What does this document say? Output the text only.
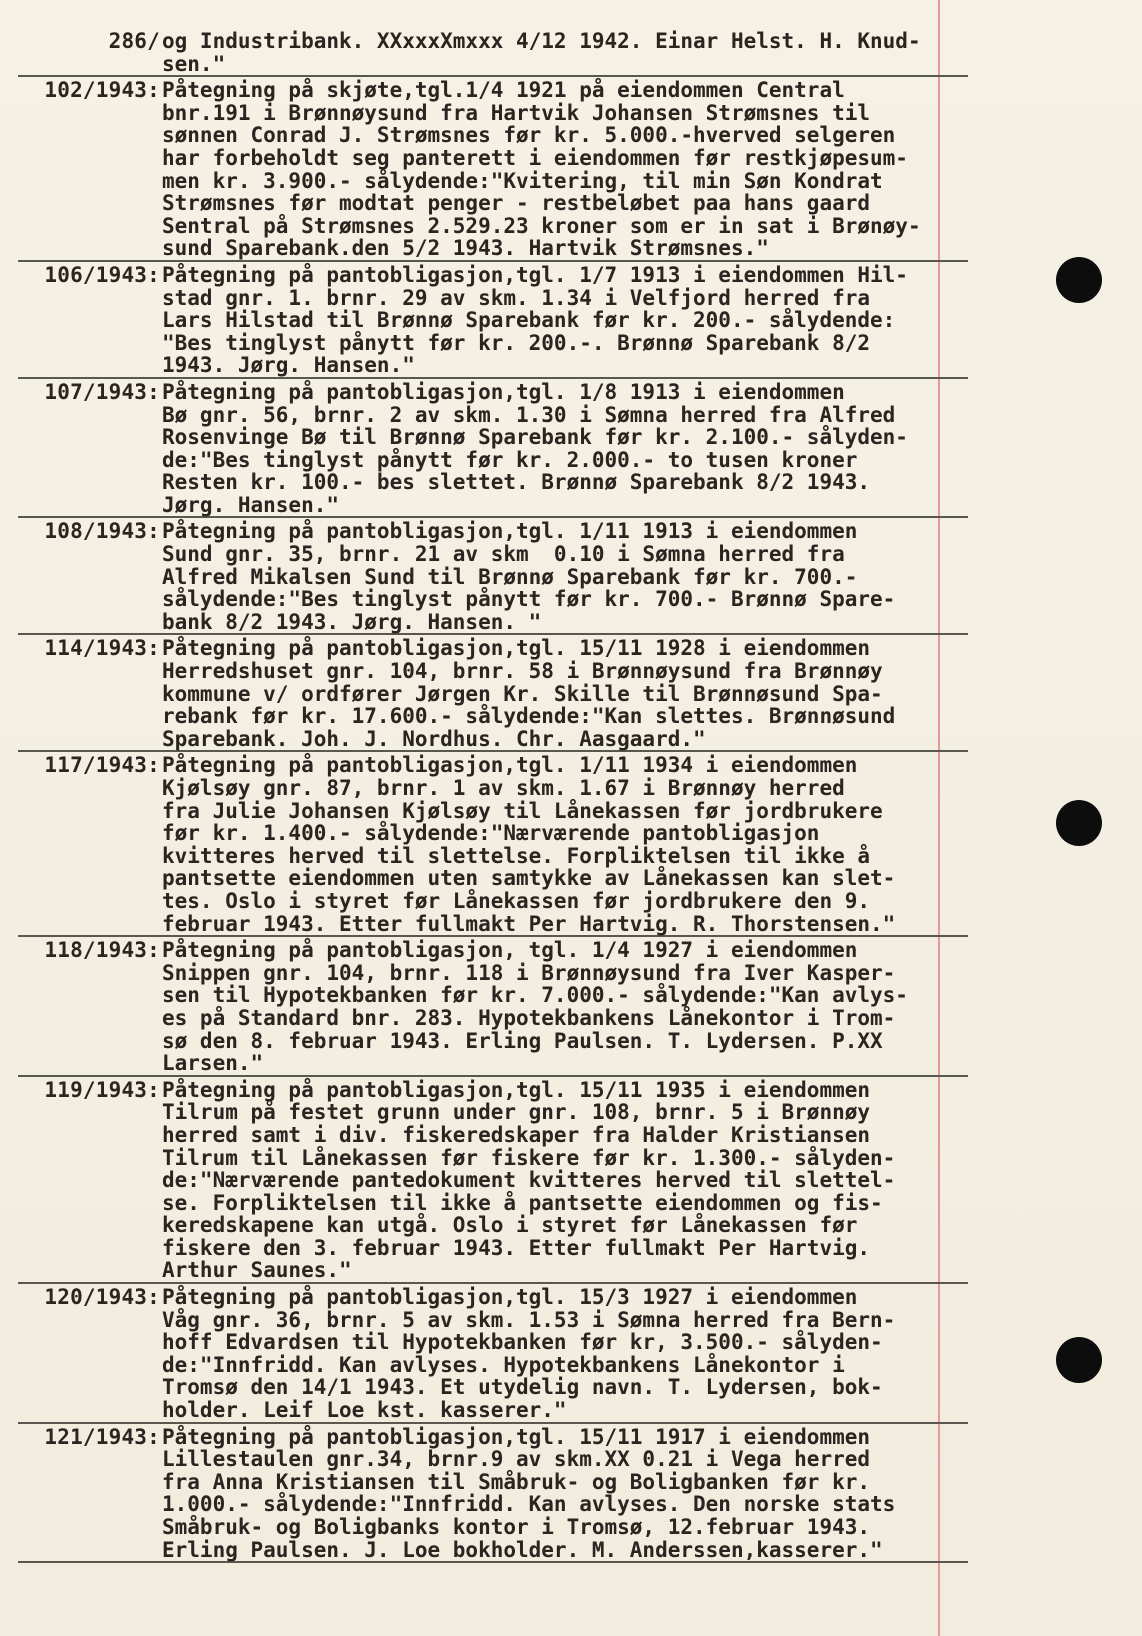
286/ og Industribank. XXxxxXmxxx 4/12 1942. Einar Helst. H. Knud-
sen."
102/1943: Påtegning på skjøte,tgl.1/4 1921 på eiendommen Central
bnr.191 i Brønnøysund fra Hartvik Johansen Strømsnes til
sønnen Conrad J. Strømsnes før kr. 5.000.-hverved selgeren
har forbeholdt seg panterett i eiendommen før restkjøpesum-
men kr. 3.900.- sålydende:"Kvitering, til min Søn Kondrat
Strømsnes før modtat penger - restbeløbet paa hans gaard
Sentral på Strømsnes 2.529.23 kroner som er in sat i Brønøy-
sund Sparebank.den 5/2 1943. Hartvik Strømsnes."
106/1943: Påtegning på pantobligasjon,tgl. 1/7 1913 i eiendommen Hil-
stad gnr. 1. brnr. 29 av skm. 1.34 i Velfjord herred fra
Lars Hilstad til Brønnø Sparebank før kr. 200.- sålydende:
"Bes tinglyst pånytt før kr. 200.-. Brønnø Sparebank 8/2
1943. Jørg. Hansen."
107/1943: Påtegning på pantobligasjon,tgl. 1/8 1913 i eiendommen
Bø gnr. 56, brnr. 2 av skm. 1.30 i Sømna herred fra Alfred
Rosenvinge Bø til Brønnø Sparebank før kr. 2.100.- sålyden-
de:"Bes tinglyst pånytt før kr. 2.000.- to tusen kroner
Resten kr. 100.- bes slettet. Brønnø Sparebank 8/2 1943.
Jørg. Hansen."
108/1943: Påtegning på pantobligasjon,tgl. 1/11 1913 i eiendommen
Sund gnr. 35, brnr. 21 av skm  0.10 i Sømna herred fra
Alfred Mikalsen Sund til Brønnø Sparebank før kr. 700.-
sålydende:"Bes tinglyst pånytt før kr. 700.- Brønnø Spare-
bank 8/2 1943. Jørg. Hansen. "
114/1943: Påtegning på pantobligasjon,tgl. 15/11 1928 i eiendommen
Herredshuset gnr. 104, brnr. 58 i Brønnøysund fra Brønnøy
kommune v/ ordfører Jørgen Kr. Skille til Brønnøsund Spa-
rebank før kr. 17.600.- sålydende:"Kan slettes. Brønnøsund
Sparebank. Joh. J. Nordhus. Chr. Aasgaard."
117/1943: Påtegning på pantobligasjon,tgl. 1/11 1934 i eiendommen
Kjølsøy gnr. 87, brnr. 1 av skm. 1.67 i Brønnøy herred
fra Julie Johansen Kjølsøy til Lånekassen før jordbrukere
før kr. 1.400.- sålydende:"Nærværende pantobligasjon
kvitteres herved til slettelse. Forpliktelsen til ikke å
pantsette eiendommen uten samtykke av Lånekassen kan slet-
tes. Oslo i styret før Lånekassen før jordbrukere den 9.
februar 1943. Etter fullmakt Per Hartvig. R. Thorstensen."
118/1943: Påtegning på pantobligasjon, tgl. 1/4 1927 i eiendommen
Snippen gnr. 104, brnr. 118 i Brønnøysund fra Iver Kasper-
sen til Hypotekbanken før kr. 7.000.- sålydende:"Kan avlys-
es på Standard bnr. 283. Hypotekbankens Lånekontor i Trom-
sø den 8. februar 1943. Erling Paulsen. T. Lydersen. P.XX
Larsen."
119/1943: Påtegning på pantobligasjon,tgl. 15/11 1935 i eiendommen
Tilrum på festet grunn under gnr. 108, brnr. 5 i Brønnøy
herred samt i div. fiskeredskaper fra Halder Kristiansen
Tilrum til Lånekassen før fiskere før kr. 1.300.- sålyden-
de:"Nærværende pantedokument kvitteres herved til slettel-
se. Forpliktelsen til ikke å pantsette eiendommen og fis-
keredskapene kan utgå. Oslo i styret før Lånekassen før
fiskere den 3. februar 1943. Etter fullmakt Per Hartvig.
Arthur Saunes."
120/1943: Påtegning på pantobligasjon,tgl. 15/3 1927 i eiendommen
Våg gnr. 36, brnr. 5 av skm. 1.53 i Sømna herred fra Bern-
hoff Edvardsen til Hypotekbanken før kr, 3.500.- sålyden-
de:"Innfridd. Kan avlyses. Hypotekbankens Lånekontor i
Tromsø den 14/1 1943. Et utydelig navn. T. Lydersen, bok-
holder. Leif Loe kst. kasserer."
121/1943: Påtegning på pantobligasjon,tgl. 15/11 1917 i eiendommen
Lillestaulen gnr.34, brnr.9 av skm.XX 0.21 i Vega herred
fra Anna Kristiansen til Småbruk- og Boligbanken før kr.
1.000.- sålydende:"Innfridd. Kan avlyses. Den norske stats
Småbruk- og Boligbanks kontor i Tromsø, 12.februar 1943.
Erling Paulsen. J. Loe bokholder. M. Anderssen,kasserer."
